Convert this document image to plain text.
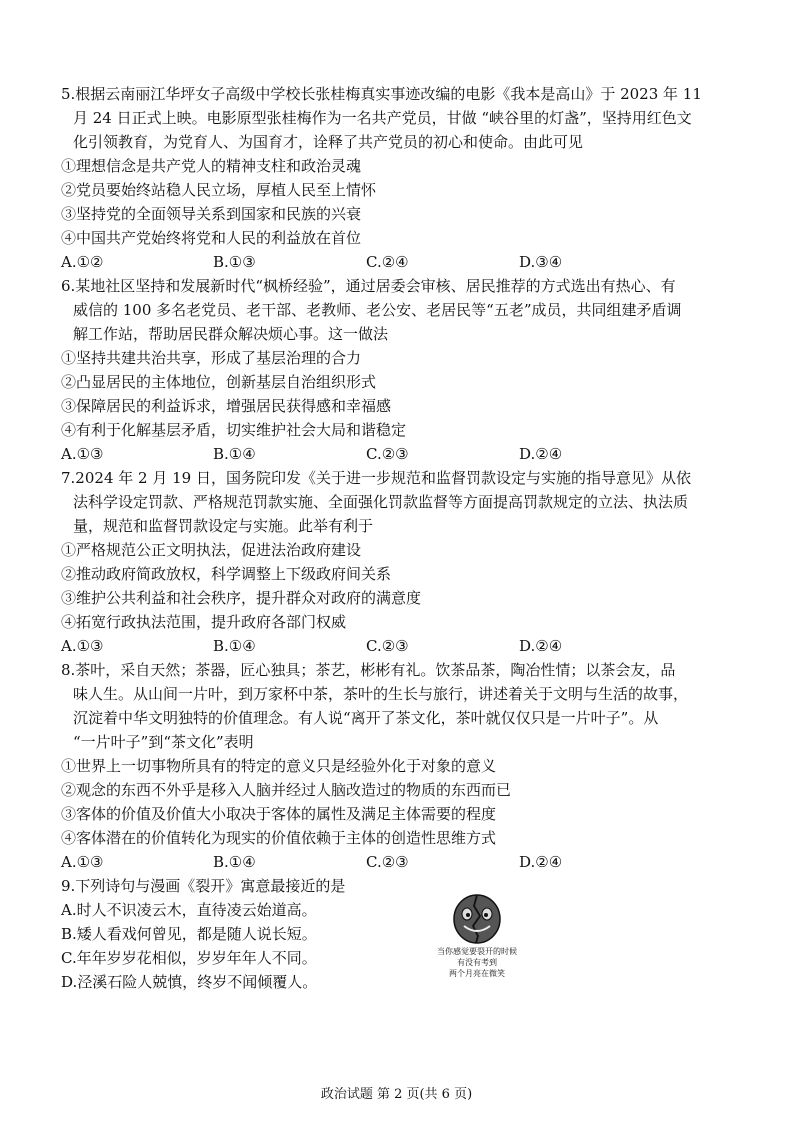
5.根据云南丽江华坪女子高级中学校长张桂梅真实事迹改编的电影《我本是高山》于 2023 年 11
月 24 日正式上映。电影原型张桂梅作为一名共产党员，甘做 “峡谷里的灯盏”，坚持用红色文
化引领教育，为党育人、为国育才，诠释了共产党员的初心和使命。由此可见

①理想信念是共产党人的精神支柱和政治灵魂

②党员要始终站稳人民立场，厚植人民至上情怀

③坚持党的全面领导关系到国家和民族的兴衰

④中国共产党始终将党和人民的利益放在首位

A.①②	B.①③	C.②④	D.③④

6.某地社区坚持和发展新时代“枫桥经验”，通过居委会审核、居民推荐的方式选出有热心、有
威信的 100 多名老党员、老干部、老教师、老公安、老居民等“五老”成员，共同组建矛盾调
解工作站，帮助居民群众解决烦心事。这一做法

①坚持共建共治共享，形成了基层治理的合力

②凸显居民的主体地位，创新基层自治组织形式

③保障居民的利益诉求，增强居民获得感和幸福感

④有利于化解基层矛盾，切实维护社会大局和谐稳定

A.①③	B.①④	C.②③	D.②④

7.2024 年 2 月 19 日，国务院印发《关于进一步规范和监督罚款设定与实施的指导意见》从依
法科学设定罚款、严格规范罚款实施、全面强化罚款监督等方面提高罚款规定的立法、执法质
量，规范和监督罚款设定与实施。此举有利于

①严格规范公正文明执法，促进法治政府建设

②推动政府简政放权，科学调整上下级政府间关系

③维护公共利益和社会秩序，提升群众对政府的满意度

④拓宽行政执法范围，提升政府各部门权威

A.①③	B.①④	C.②③	D.②④

8.茶叶，采自天然；茶器，匠心独具；茶艺，彬彬有礼。饮茶品茶，陶冶性情；以茶会友，品
味人生。从山间一片叶，到万家杯中茶，茶叶的生长与旅行，讲述着关于文明与生活的故事，
沉淀着中华文明独特的价值理念。有人说“离开了茶文化，茶叶就仅仅只是一片叶子”。从
“一片叶子”到“茶文化”表明

①世界上一切事物所具有的特定的意义只是经验外化于对象的意义

②观念的东西不外乎是移入人脑并经过人脑改造过的物质的东西而已

③客体的价值及价值大小取决于客体的属性及满足主体需要的程度

④客体潜在的价值转化为现实的价值依赖于主体的创造性思维方式

A.①③	B.①④	C.②③	D.②④

9.下列诗句与漫画《裂开》寓意最接近的是

A.时人不识凌云木，直待凌云始道高。

B.矮人看戏何曾见，都是随人说长短。

C.年年岁岁花相似，岁岁年年人不同。

D.泾溪石险人兢慎，终岁不闻倾覆人。

当你感觉要裂开的时候
有没有考到
两个月亮在微笑
政治试题 第 2 页(共 6 页)
